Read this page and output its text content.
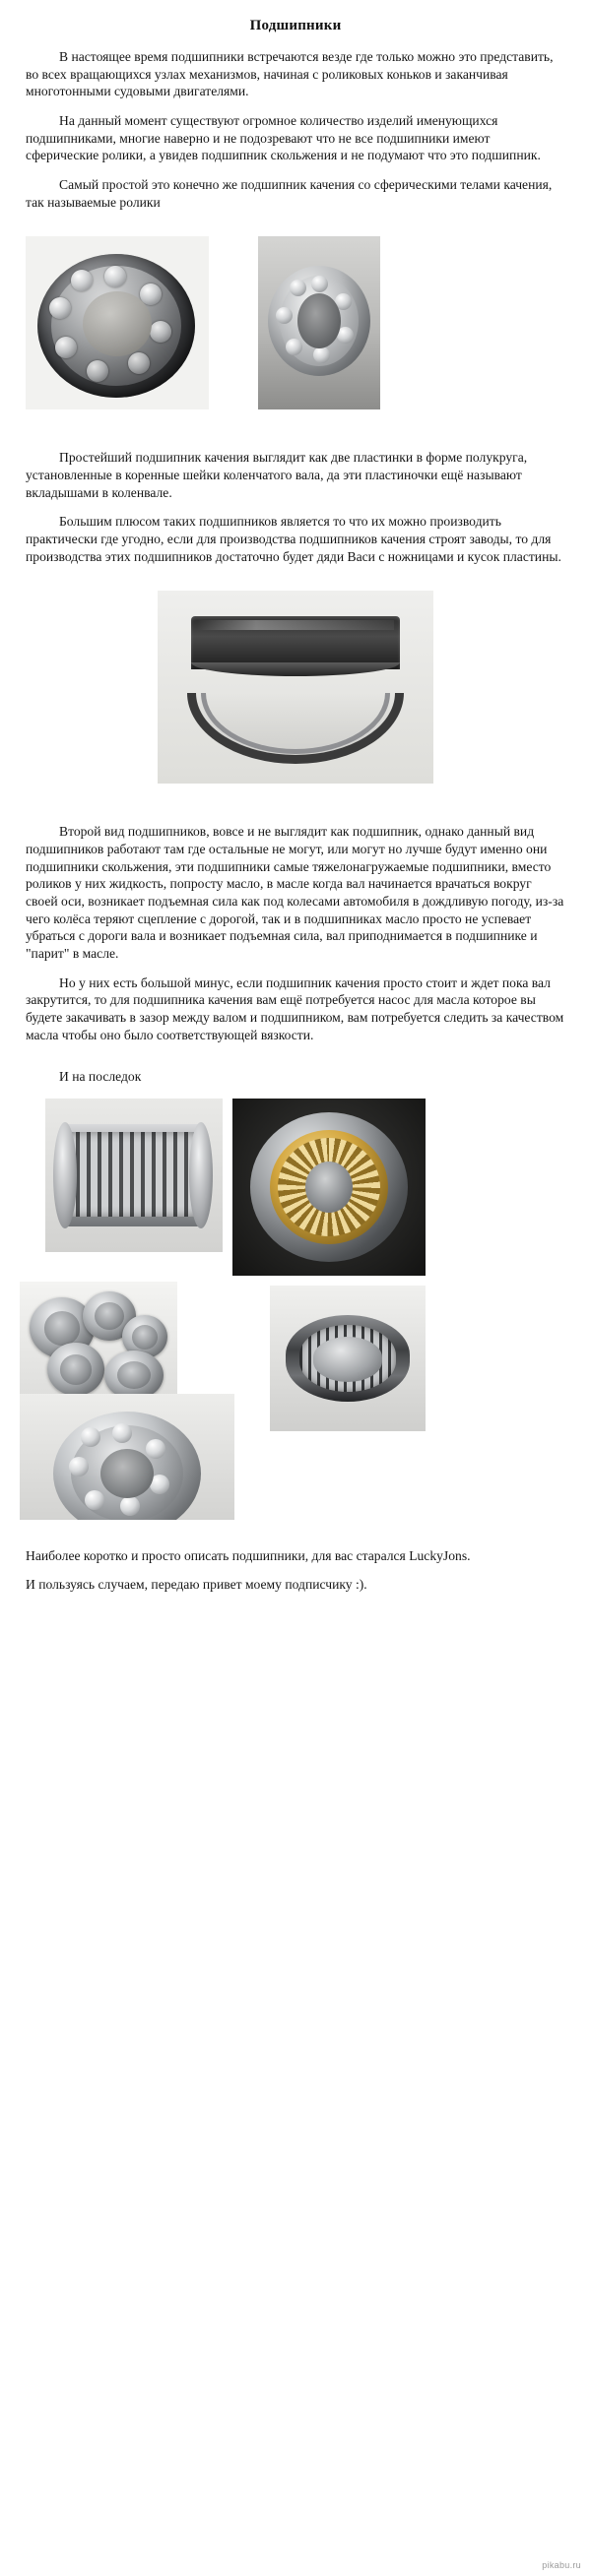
Подшипники

В настоящее время подшипники встречаются везде где только можно это представить, во всех вращающихся узлах механизмов, начиная с роликовых коньков и заканчивая многотонными судовыми двигателями.

На данный момент существуют огромное количество изделий именующихся подшипниками, многие наверно и не подозревают что не все подшипники имеют сферические ролики, а увидев подшипник скольжения и не подумают что это подшипник.

Самый простой это конечно же подшипник качения со сферическими телами качения, так называемые ролики

Простейший подшипник качения выглядит как две пластинки в форме полукруга, установленные в коренные шейки коленчатого вала, да эти пластиночки ещё называют вкладышами в коленвале.

Большим плюсом таких подшипников является то что их можно производить практически где угодно, если для производства подшипников качения строят заводы, то для производства этих подшипников достаточно будет дяди Васи с ножницами и кусок пластины.

Второй вид подшипников, вовсе и не выглядит как подшипник, однако данный вид подшипников работают там где остальные не могут, или могут но лучше будут именно они подшипники скольжения, эти подшипники самые тяжелонагружаемые подшипники, вместо роликов у них жидкость, попросту масло, в масле когда вал начинается врачаться вокруг своей оси, возникает подъемная сила как под колесами автомобиля в дождливую погоду, из-за чего колёса теряют сцепление с дорогой, так и в подшипниках масло просто не успевает убраться с дороги вала и возникает подъемная сила, вал приподнимается в подшипнике и "парит" в масле.

Но у них есть большой минус, если подшипник качения просто стоит и ждет пока вал закрутится, то для подшипника качения вам ещё потребуется насос для масла которое вы будете закачивать в зазор между валом и подшипником, вам потребуется следить за качеством масла чтобы оно было соответствующей вязкости.

И на последок

Наиболее коротко и просто описать подшипники, для вас старался LuckyJons.

И пользуясь случаем, передаю привет моему подписчику :).

pikabu.ru
